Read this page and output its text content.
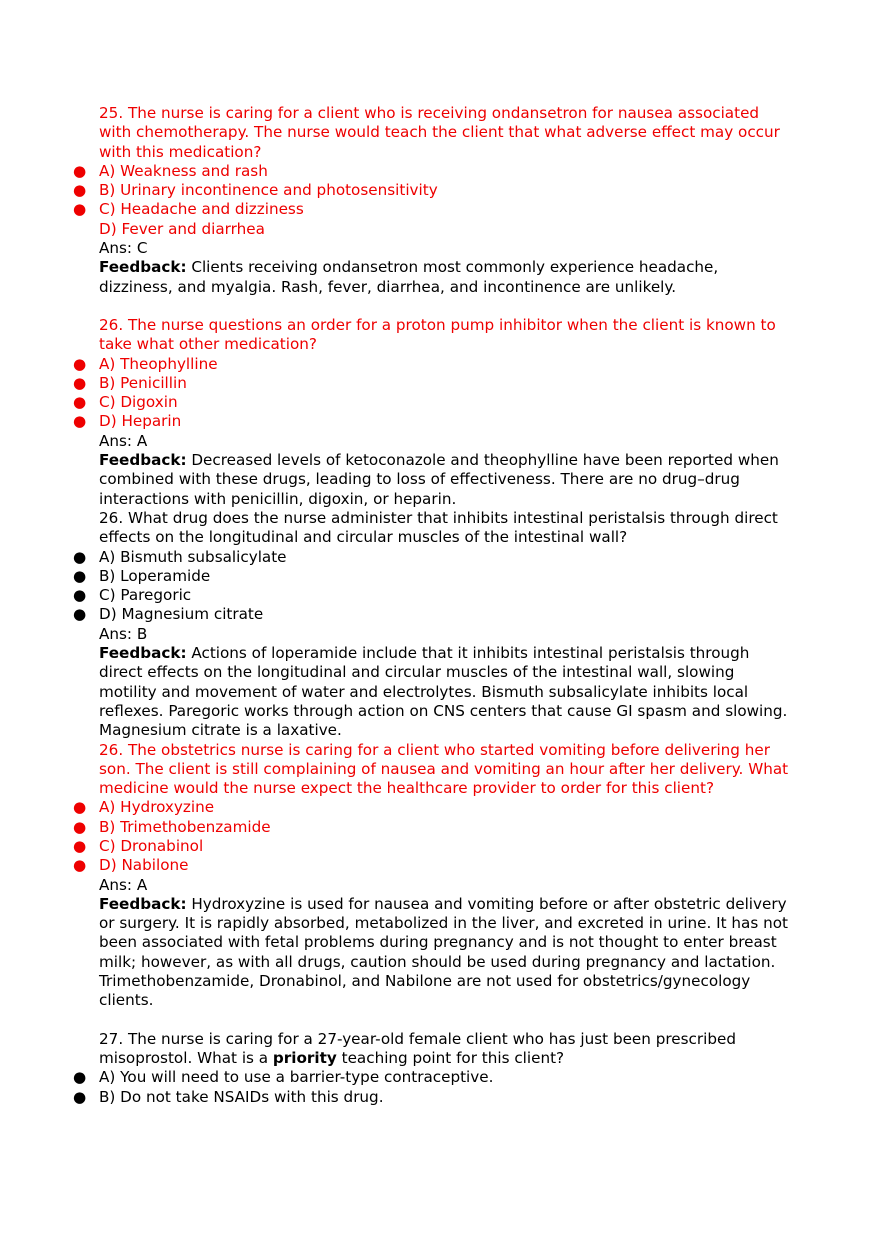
25. The nurse is caring for a client who is receiving ondansetron for nausea associated with chemotherapy. The nurse would teach the client that what adverse effect may occur with this medication?
● A) Weakness and rash
● B) Urinary incontinence and photosensitivity
● C) Headache and dizziness
D) Fever and diarrhea
Ans: C
Feedback: Clients receiving ondansetron most commonly experience headache, dizziness, and myalgia. Rash, fever, diarrhea, and incontinence are unlikely.
26. The nurse questions an order for a proton pump inhibitor when the client is known to take what other medication?
● A) Theophylline
● B) Penicillin
● C) Digoxin
● D) Heparin
Ans: A
Feedback: Decreased levels of ketoconazole and theophylline have been reported when combined with these drugs, leading to loss of effectiveness. There are no drug–drug interactions with penicillin, digoxin, or heparin.
26. What drug does the nurse administer that inhibits intestinal peristalsis through direct effects on the longitudinal and circular muscles of the intestinal wall?
● A) Bismuth subsalicylate
● B) Loperamide
● C) Paregoric
● D) Magnesium citrate
Ans: B
Feedback: Actions of loperamide include that it inhibits intestinal peristalsis through direct effects on the longitudinal and circular muscles of the intestinal wall, slowing motility and movement of water and electrolytes. Bismuth subsalicylate inhibits local reflexes. Paregoric works through action on CNS centers that cause GI spasm and slowing. Magnesium citrate is a laxative.
26. The obstetrics nurse is caring for a client who started vomiting before delivering her son. The client is still complaining of nausea and vomiting an hour after her delivery. What medicine would the nurse expect the healthcare provider to order for this client?
● A) Hydroxyzine
● B) Trimethobenzamide
● C) Dronabinol
● D) Nabilone
Ans: A
Feedback: Hydroxyzine is used for nausea and vomiting before or after obstetric delivery or surgery. It is rapidly absorbed, metabolized in the liver, and excreted in urine. It has not been associated with fetal problems during pregnancy and is not thought to enter breast milk; however, as with all drugs, caution should be used during pregnancy and lactation. Trimethobenzamide, Dronabinol, and Nabilone are not used for obstetrics/gynecology clients.
27. The nurse is caring for a 27-year-old female client who has just been prescribed misoprostol. What is a priority teaching point for this client?
● A) You will need to use a barrier-type contraceptive.
● B) Do not take NSAIDs with this drug.
